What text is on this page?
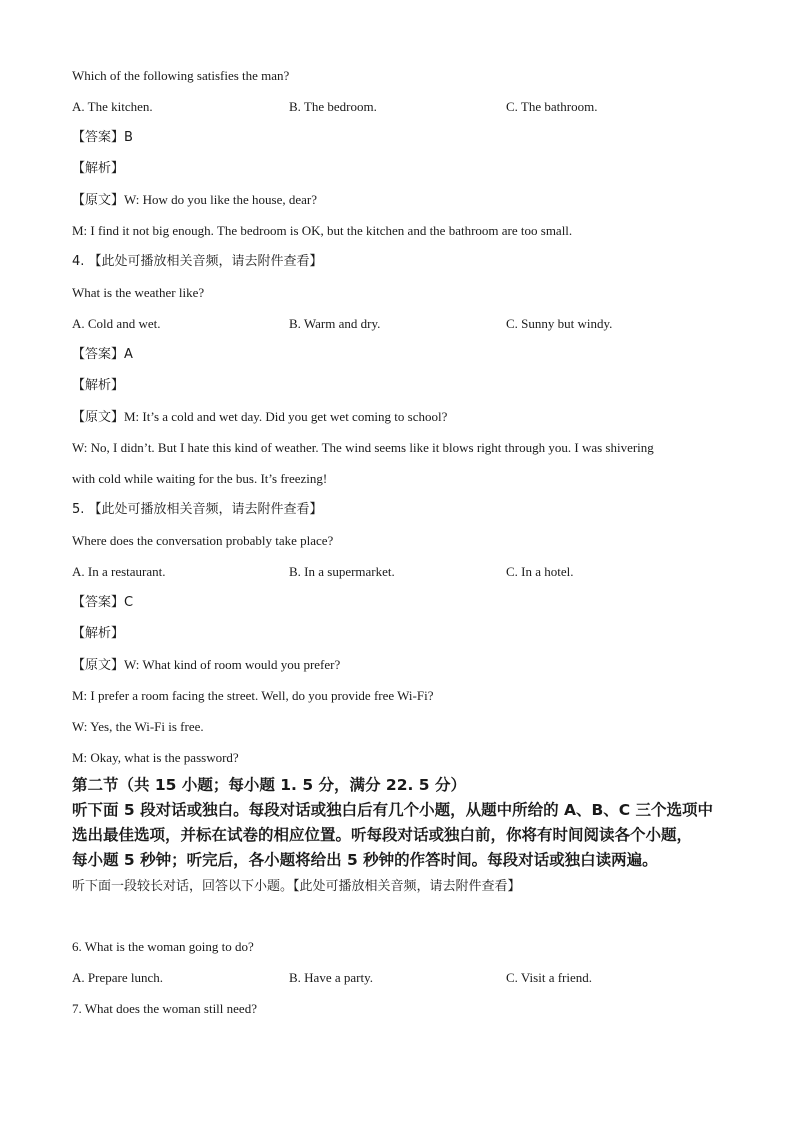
Which of the following satisfies the man?
A. The kitchen.	B. The bedroom.	C. The bathroom.
【答案】B
【解析】
【原文】W: How do you like the house, dear?
M: I find it not big enough. The bedroom is OK, but the kitchen and the bathroom are too small.
4. 【此处可播放相关音频，请去附件查看】
What is the weather like?
A. Cold and wet.	B. Warm and dry.	C. Sunny but windy.
【答案】A
【解析】
【原文】M: It’s a cold and wet day. Did you get wet coming to school?
W: No, I didn’t. But I hate this kind of weather. The wind seems like it blows right through you. I was shivering
with cold while waiting for the bus. It’s freezing!
5. 【此处可播放相关音频，请去附件查看】
Where does the conversation probably take place?
A. In a restaurant.	B. In a supermarket.	C. In a hotel.
【答案】C
【解析】
【原文】W: What kind of room would you prefer?
M: I prefer a room facing the street. Well, do you provide free Wi-Fi?
W: Yes, the Wi-Fi is free.
M: Okay, what is the password?
第二节（共 15 小题；每小题 1. 5 分，满分 22. 5 分）
听下面 5 段对话或独白。每段对话或独白后有几个小题，从题中所给的 A、B、C 三个选项中
选出最佳选项，并标在试卷的相应位置。听每段对话或独白前，你将有时间阅读各个小题，
每小题 5 秒钟；听完后，各小题将给出 5 秒钟的作答时间。每段对话或独白读两遍。
听下面一段较长对话，回答以下小题。【此处可播放相关音频，请去附件查看】
6. What is the woman going to do?
A. Prepare lunch.	B. Have a party.	C. Visit a friend.
7. What does the woman still need?
